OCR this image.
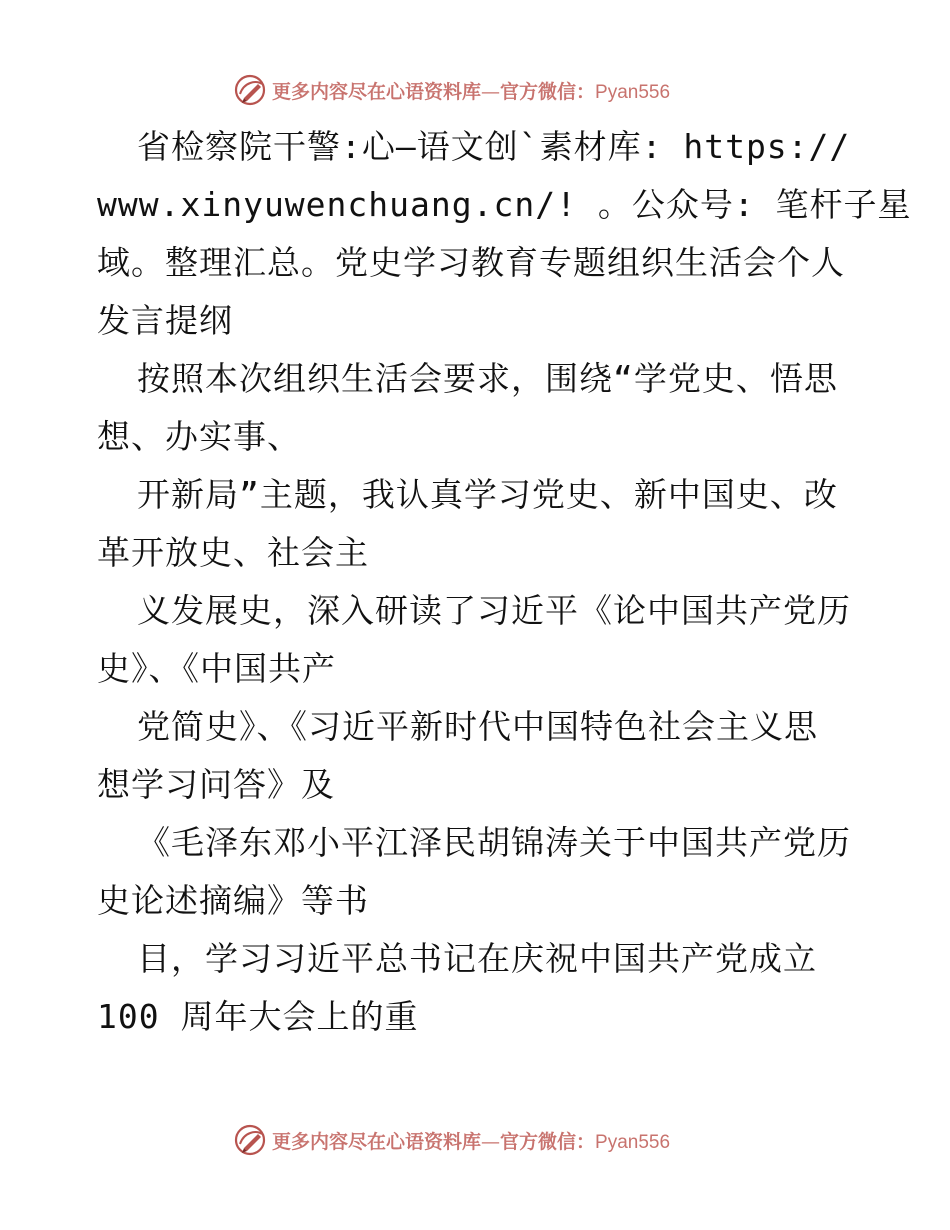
更多内容尽在心语资料库—官方微信：Pyan556
省检察院干警:心—语文创`素材库: https://
www.xinyuwenchuang.cn/! 。公众号: 笔杆子星
域。整理汇总。党史学习教育专题组织生活会个人
发言提纲
按照本次组织生活会要求，围绕“学党史、悟思
想、办实事、
开新局”主题，我认真学习党史、新中国史、改
革开放史、社会主
义发展史，深入研读了习近平《论中国共产党历
史》、《中国共产
党简史》、《习近平新时代中国特色社会主义思
想学习问答》及
《毛泽东邓小平江泽民胡锦涛关于中国共产党历
史论述摘编》等书
目，学习习近平总书记在庆祝中国共产党成立
100 周年大会上的重
更多内容尽在心语资料库—官方微信：Pyan556
